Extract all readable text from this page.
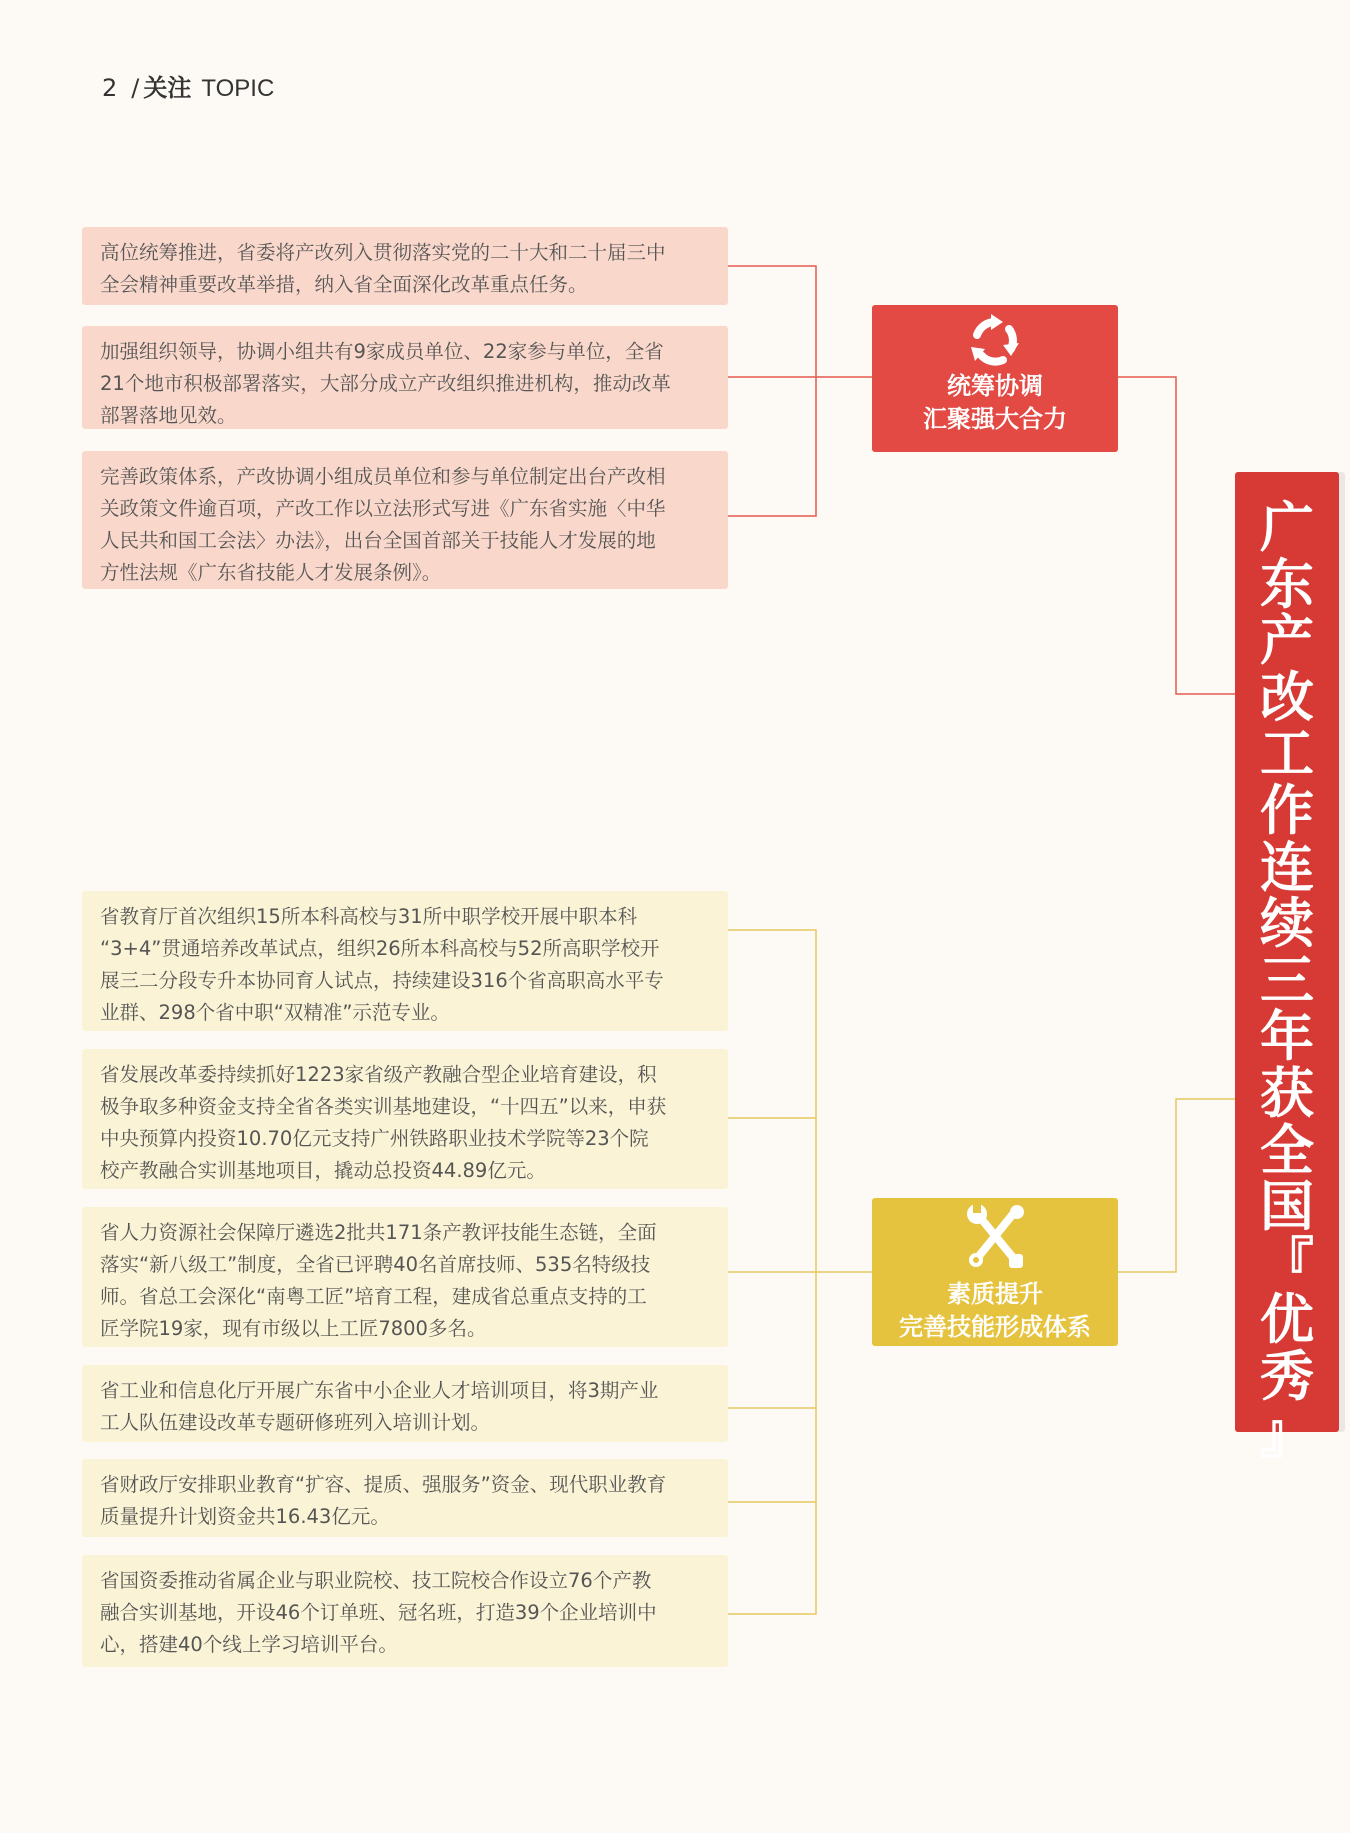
2 / 关注 TOPIC
高位统筹推进，省委将产改列入贯彻落实党的二十大和二十届三中
全会精神重要改革举措，纳入省全面深化改革重点任务。
加强组织领导，协调小组共有9家成员单位、22家参与单位，全省
21个地市积极部署落实，大部分成立产改组织推进机构，推动改革
部署落地见效。
完善政策体系，产改协调小组成员单位和参与单位制定出台产改相
关政策文件逾百项，产改工作以立法形式写进《广东省实施〈中华
人民共和国工会法〉办法》，出台全国首部关于技能人才发展的地
方性法规《广东省技能人才发展条例》。
省教育厅首次组织15所本科高校与31所中职学校开展中职本科
“3+4”贯通培养改革试点，组织26所本科高校与52所高职学校开
展三二分段专升本协同育人试点，持续建设316个省高职高水平专
业群、298个省中职“双精准”示范专业。
省发展改革委持续抓好1223家省级产教融合型企业培育建设，积
极争取多种资金支持全省各类实训基地建设，“十四五”以来，申获
中央预算内投资10.70亿元支持广州铁路职业技术学院等23个院
校产教融合实训基地项目，撬动总投资44.89亿元。
省人力资源社会保障厅遴选2批共171条产教评技能生态链，全面
落实“新八级工”制度，全省已评聘40名首席技师、535名特级技
师。省总工会深化“南粤工匠”培育工程，建成省总重点支持的工
匠学院19家，现有市级以上工匠7800多名。
省工业和信息化厅开展广东省中小企业人才培训项目，将3期产业
工人队伍建设改革专题研修班列入培训计划。
省财政厅安排职业教育“扩容、提质、强服务”资金、现代职业教育
质量提升计划资金共16.43亿元。
省国资委推动省属企业与职业院校、技工院校合作设立76个产教
融合实训基地，开设46个订单班、冠名班，打造39个企业培训中
心，搭建40个线上学习培训平台。
统筹协调
汇聚强大合力
素质提升
完善技能形成体系
广
东
产
改
工
作
连
续
三
年
获
全
国
『
优
秀
』
